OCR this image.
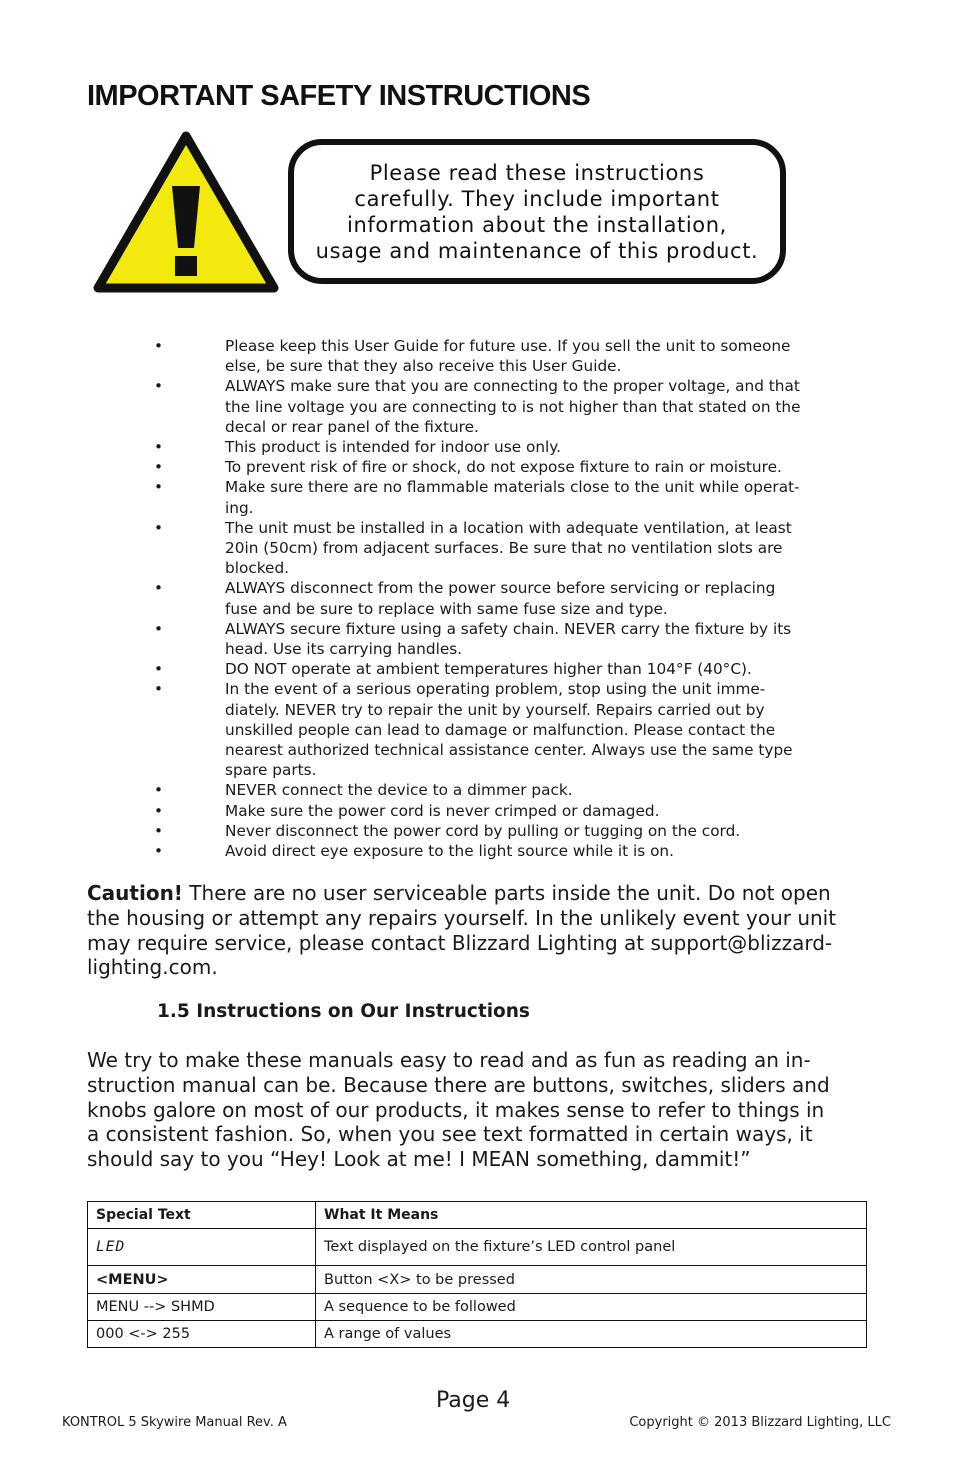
IMPORTANT SAFETY INSTRUCTIONS

Please read these instructions
carefully. They include important
information about the installation,
usage and maintenance of this product.

•	Please keep this User Guide for future use. If you sell the unit to someone
else, be sure that they also receive this User Guide.
•	ALWAYS make sure that you are connecting to the proper voltage, and that
the line voltage you are connecting to is not higher than that stated on the
decal or rear panel of the fixture.
•	This product is intended for indoor use only.
•	To prevent risk of fire or shock, do not expose fixture to rain or moisture.
•	Make sure there are no flammable materials close to the unit while operat-
ing.
•	The unit must be installed in a location with adequate ventilation, at least
20in (50cm) from adjacent surfaces. Be sure that no ventilation slots are
blocked.
•	ALWAYS disconnect from the power source before servicing or replacing
fuse and be sure to replace with same fuse size and type.
•	ALWAYS secure fixture using a safety chain. NEVER carry the fixture by its
head. Use its carrying handles.
•	DO NOT operate at ambient temperatures higher than 104°F (40°C).
•	In the event of a serious operating problem, stop using the unit imme-
diately. NEVER try to repair the unit by yourself. Repairs carried out by
unskilled people can lead to damage or malfunction. Please contact the
nearest authorized technical assistance center. Always use the same type
spare parts.
•	NEVER connect the device to a dimmer pack.
•	Make sure the power cord is never crimped or damaged.
•	Never disconnect the power cord by pulling or tugging on the cord.
•	Avoid direct eye exposure to the light source while it is on.

Caution! There are no user serviceable parts inside the unit. Do not open
the housing or attempt any repairs yourself. In the unlikely event your unit
may require service, please contact Blizzard Lighting at support@blizzard-
lighting.com.

1.5 Instructions on Our Instructions

We try to make these manuals easy to read and as fun as reading an in-
struction manual can be. Because there are buttons, switches, sliders and
knobs galore on most of our products, it makes sense to refer to things in
a consistent fashion. So, when you see text formatted in certain ways, it
should say to you “Hey! Look at me! I MEAN something, dammit!”

Special Text	What It Means
LED	Text displayed on the fixture’s LED control panel
<MENU>	Button <X> to be pressed
MENU --> SHMD	A sequence to be followed
000 <-> 255	A range of values

Page 4

KONTROL 5 Skywire Manual Rev. A	Copyright © 2013 Blizzard Lighting, LLC
